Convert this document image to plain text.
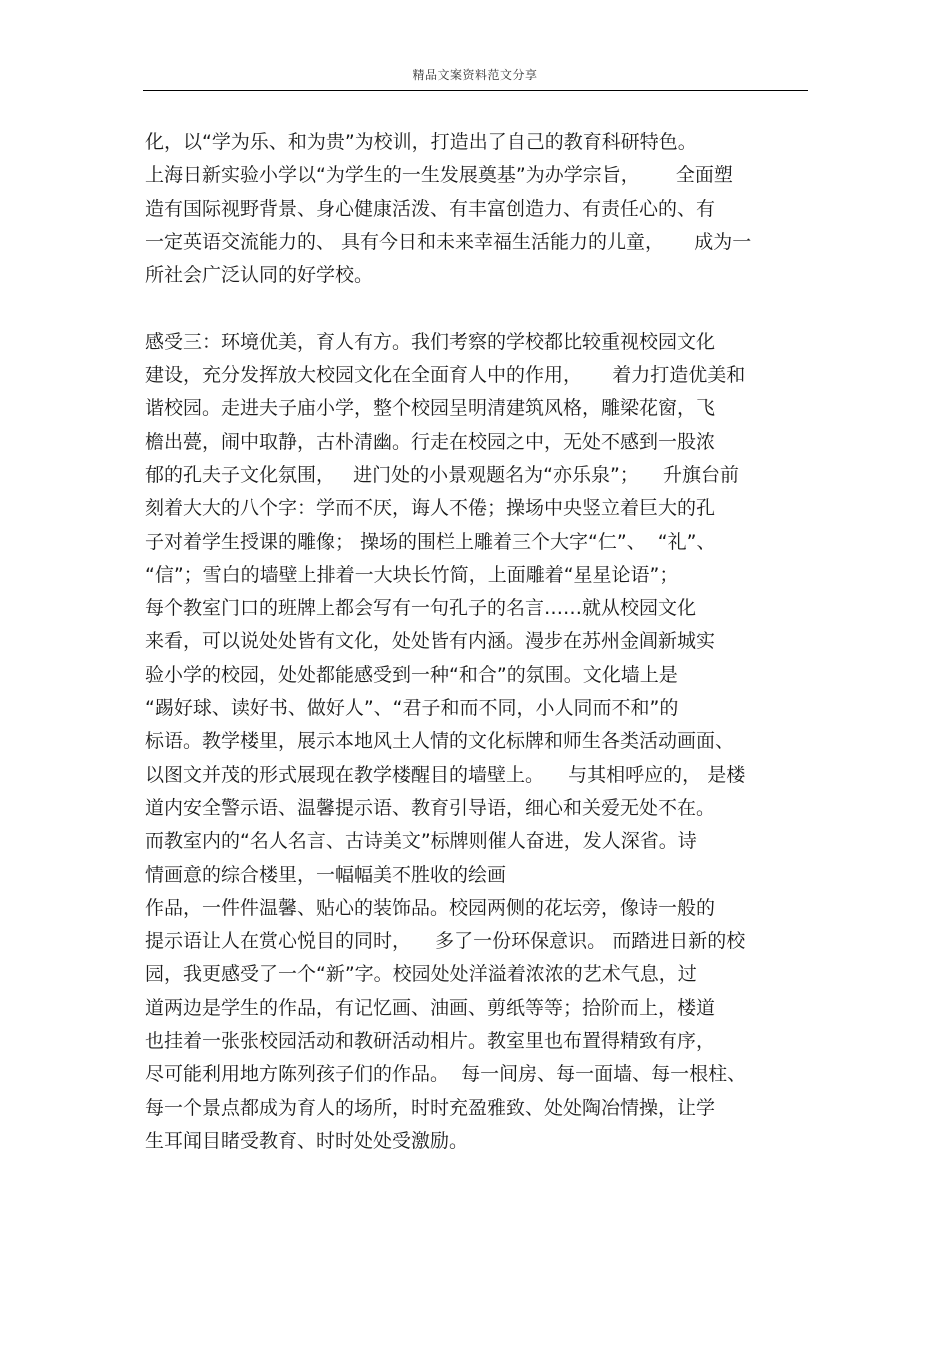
精品文案资料范文分享
化，以“学为乐、和为贵”为校训，打造出了自己的教育科研特色。
上海日新实验小学以“为学生的一生发展奠基”为办学宗旨，      全面塑
造有国际视野背景、身心健康活泼、有丰富创造力、有责任心的、有
一定英语交流能力的、 具有今日和未来幸福生活能力的儿童，     成为一
所社会广泛认同的好学校。
感受三：环境优美，育人有方。我们考察的学校都比较重视校园文化
建设，充分发挥放大校园文化在全面育人中的作用，     着力打造优美和
谐校园。走进夫子庙小学，整个校园呈明清建筑风格，雕梁花窗，飞
檐出甍，闹中取静，古朴清幽。行走在校园之中，无处不感到一股浓
郁的孔夫子文化氛围，   进门处的小景观题名为“亦乐泉”；    升旗台前
刻着大大的八个字：学而不厌，诲人不倦；操场中央竖立着巨大的孔
子对着学生授课的雕像； 操场的围栏上雕着三个大字“仁”、  “礼”、
“信”；雪白的墙壁上排着一大块长竹简，上面雕着“星星论语”；
每个教室门口的班牌上都会写有一句孔子的名言……就从校园文化
来看，可以说处处皆有文化，处处皆有内涵。漫步在苏州金阊新城实
验小学的校园，处处都能感受到一种“和合”的氛围。文化墙上是
“踢好球、读好书、做好人”、“君子和而不同，小人同而不和”的
标语。教学楼里，展示本地风土人情的文化标牌和师生各类活动画面、
以图文并茂的形式展现在教学楼醒目的墙壁上。    与其相呼应的， 是楼
道内安全警示语、温馨提示语、教育引导语，细心和关爱无处不在。
而教室内的“名人名言、古诗美文”标牌则催人奋进，发人深省。诗
情画意的综合楼里，一幅幅美不胜收的绘画
作品，一件件温馨、贴心的装饰品。校园两侧的花坛旁，像诗一般的
提示语让人在赏心悦目的同时，    多了一份环保意识。 而踏进日新的校
园，我更感受了一个“新”字。校园处处洋溢着浓浓的艺术气息，过
道两边是学生的作品，有记忆画、油画、剪纸等等；拾阶而上，楼道
也挂着一张张校园活动和教研活动相片。教室里也布置得精致有序，
尽可能利用地方陈列孩子们的作品。  每一间房、每一面墙、每一根柱、
每一个景点都成为育人的场所，时时充盈雅致、处处陶冶情操，让学
生耳闻目睹受教育、时时处处受激励。
